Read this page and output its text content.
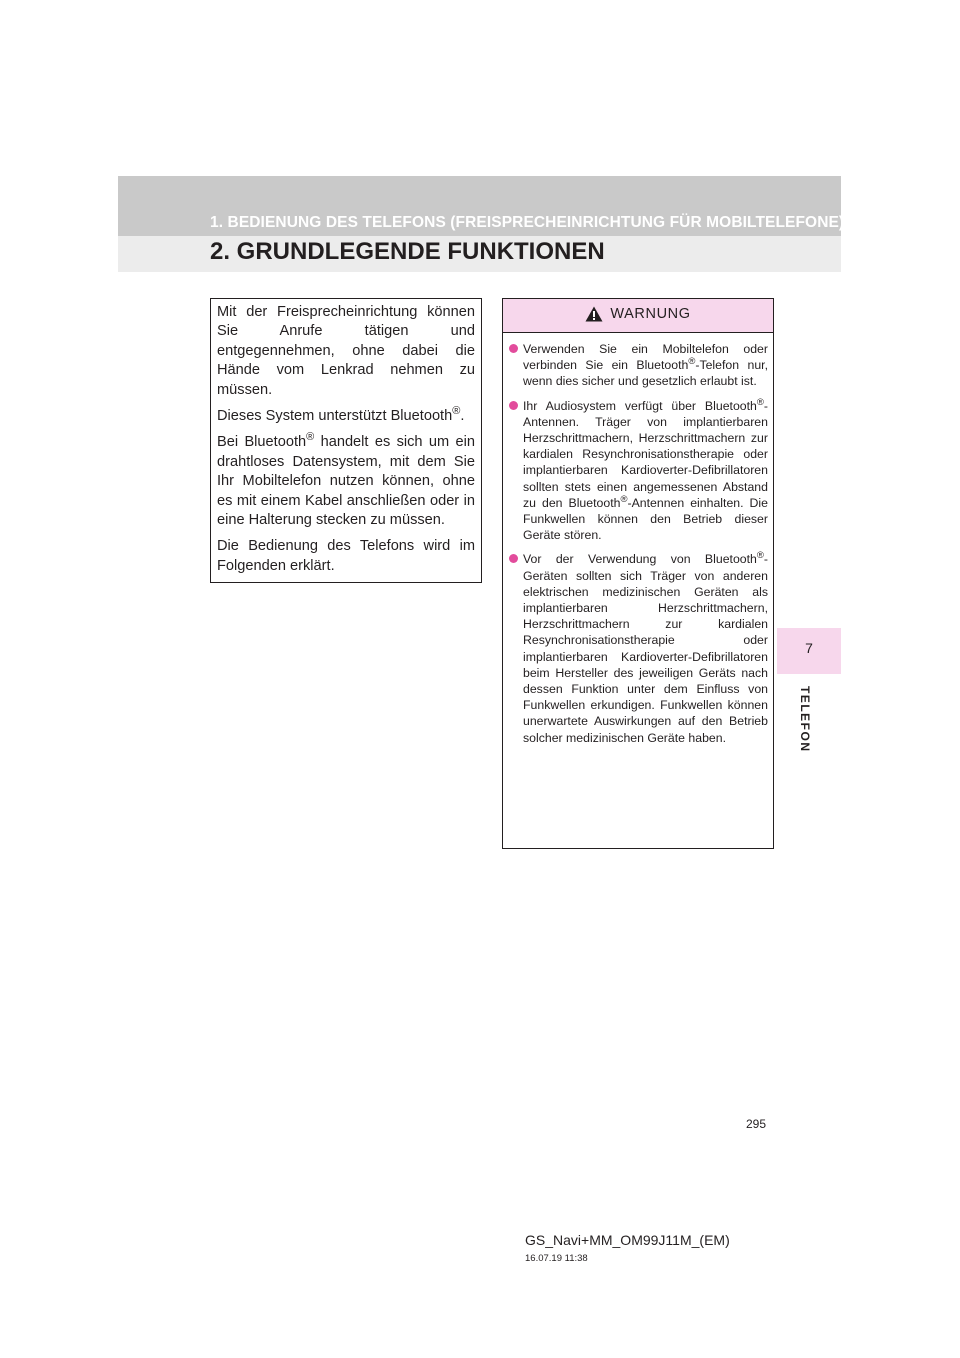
1. BEDIENUNG DES TELEFONS (FREISPRECHEINRICHTUNG FÜR MOBILTELEFONE)
2. GRUNDLEGENDE FUNKTIONEN
7
TELEFON

Mit der Freisprecheinrichtung können Sie Anrufe tätigen und entgegennehmen, ohne dabei die Hände vom Lenkrad nehmen zu müssen.

Dieses System unterstützt Bluetooth®.

Bei Bluetooth® handelt es sich um ein drahtloses Datensystem, mit dem Sie Ihr Mobiltelefon nutzen können, ohne es mit einem Kabel anschließen oder in eine Halterung stecken zu müssen.

Die Bedienung des Telefons wird im Folgenden erklärt.

WARNUNG
Verwenden Sie ein Mobiltelefon oder verbinden Sie ein Bluetooth®-Telefon nur, wenn dies sicher und gesetzlich erlaubt ist.
Ihr Audiosystem verfügt über Bluetooth®-Antennen. Träger von implantierbaren Herzschrittmachern, Herzschrittmachern zur kardialen Resynchronisationstherapie oder implantierbaren Kardioverter-Defibrillatoren sollten stets einen angemessenen Abstand zu den Bluetooth®-Antennen einhalten. Die Funkwellen können den Betrieb dieser Geräte stören.
Vor der Verwendung von Bluetooth®-Geräten sollten sich Träger von anderen elektrischen medizinischen Geräten als implantierbaren Herzschrittmachern, Herzschrittmachern zur kardialen Resynchronisationstherapie oder implantierbaren Kardioverter-Defibrillatoren beim Hersteller des jeweiligen Geräts nach dessen Funktion unter dem Einfluss von Funkwellen erkundigen. Funkwellen können unerwartete Auswirkungen auf den Betrieb solcher medizinischen Geräte haben.
295
GS_Navi+MM_OM99J11M_(EM)
16.07.19 11:38
